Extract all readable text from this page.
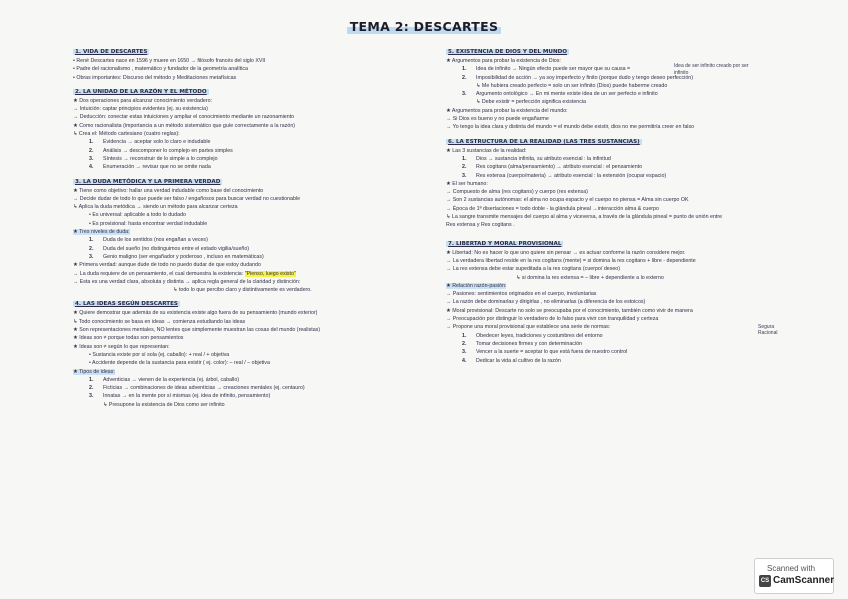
TEMA 2: DESCARTES
1. VIDA DE DESCARTES
• René Descartes nace en 1596 y muere en 1650 → filósofo francés del siglo XVII
• Padre del racionalismo , matemático y fundador de la geometría analítica
• Obras importantes: Discurso del método y Meditaciones metafísicas
2. LA UNIDAD DE LA RAZÓN Y EL MÉTODO
★ Dos operaciones para alcanzar conocimiento verdadero:
→ Intuición: captar principios evidentes (ej. su existencia)
→ Deducción: conectar estas intuiciones y ampliar el conocimiento mediante un razonamiento
★ Como racionalista (importancia a un método sistemático que guíe correctamente a la razón)
↳ Crea el: Método cartesiano (cuatro reglas):
1. Evidencia → aceptar solo lo claro e indudable
2. Análisis → descomponer lo complejo en partes simples
3. Síntesis → reconstruir de lo simple a lo complejo
4. Enumeración → revisar que no se omite nada
3. LA DUDA METÓDICA Y LA PRIMERA VERDAD
★ Tiene como objetivo: hallar una verdad indudable como base del conocimiento
→ Decide dudar de todo lo que puede ser falso / engañosos para buscar verdad no cuestionable
↳ Aplica la duda metódica → siendo un método para alcanzar certeza
• Es universal: aplicable a todo lo dudado
• Es provisional: hasta encontrar verdad indudable
★ Tres niveles de duda:
1. Duda de los sentidos (nos engañan a veces)
2. Duda del sueño (no distinguimos entre el estado vigilia/sueño)
3. Genio maligno (ser engañador y poderoso , incluso en matemáticas)
★ Primera verdad: aunque dude de todo no puedo dudar de que estoy dudando
→ La duda requiere de un pensamiento, el cual demuestra la existencia: "Pienso, luego existo"
→ Esta es una verdad clara, absoluta y distinta → aplica regla general de la claridad y distinción:
↳ todo lo que percibo claro y distintivamente es verdadero.
4. LAS IDEAS SEGÚN DESCARTES
★ Quiere demostrar que además de su existencia existe algo fuera de su pensamiento (mundo exterior)
↳ Todo conocimiento se basa en ideas → comienza estudiando las ideas
★ Son representaciones mentales, NO lentes que simplemente muestran las cosas del mundo (realistas)
★ Ideas son ≠ porque todas son pensamientos
★ Ideas son ≠ según lo que representan:
• Sustancia existe por sí sola (ej. caballo): + real / + objetiva
• Accidente depende de la sustancia para existir ( ej. color): – real / – objetiva
★ Tipos de ideas:
1. Adventicias → vienen de la experiencia (ej. árbol, caballo)
2. Ficticias → combinaciones de ideas adventicias → creaciones mentales (ej. centauro)
3. Innatas → en la mente por sí mismas (ej. idea de infinito, pensamiento)
↳ Presupone la existencia de Dios como ser infinito
5. EXISTENCIA DE DIOS Y DEL MUNDO
★ Argumentos para probar la existencia de Dios:
1. Idea de infinito → Ningún efecto puede ser mayor que su causa =
2. Imposibilidad de acción → ya soy imperfecto y finito (porque dudo y tengo deseo perfección)
↳ Me hubiera creado perfecto = solo un ser infinito (Dios) puede haberme creado
3. Argumento ontológico → En mi mente existe idea de un ser perfecto e infinito
↳ Debe existir = perfección significa existencia
★ Argumentos para probar la existencia del mundo:
→ Si Dios es bueno y no puede engañarme
→ Yo tengo la idea clara y distinta del mundo = el mundo debe existir, dios no me permitiría creer en falso
Idea de ser infinito creado por ser infinito
6. LA ESTRUCTURA DE LA REALIDAD (LAS TRES SUSTANCIAS)
★ Las 3 sustancias de la realidad:
1. Dios → sustancia infinita, su atributo esencial : la infinitud
2. Res cogitans (alma/pensamiento) → atributo esencial : el pensamiento
3. Res extensa (cuerpo/materia) → atributo esencial : la extensión (ocupar espacio)
★ El ser humano:
→ Compuesto de alma (res cogitans) y cuerpo (res extensa)
→ Son 2 sustancias autónomas: el alma no ocupa espacio y el cuerpo no piensa = Alma sin cuerpo OK
→ Época de 1ª disertaciones = todo doble - la glándula pineal →interacción alma & cuerpo
↳ La sangre transmite mensajes del cuerpo al alma y viceversa, a través de la glándula pineal = punto de unión entre
Res extensa y Res cogitans .
7. LIBERTAD Y MORAL PROVISIONAL
★ Libertad: No es hacer lo que uno quiere sin pensar → es actuar conforme la razón considere mejor.
→ La verdadera libertad reside en la res cogitans (mente) = si domina la res cogitans + libre - dependiente
→ La res extensa debe estar supeditada a la res cogitans (cuerpo/ deseo)
↳ si domina la res extensa = – libre + dependiente a lo externo
★ Relación razón-pasión:
→ Pasiones: sentimientos originados en el cuerpo, involuntarias
→ La razón debe dominarlas y dirigirlas , no eliminarlas (a diferencia de los estoicos)
★ Moral provisional: Descarte no solo se preocupaba por el conocimiento, también como vivir de manera
→ Preocupación por distinguir lo verdadero de lo falso para vivir con tranquilidad y certeza
→ Propone una moral provisional que establece una serie de normas:
1. Obedecer leyes, tradiciones y costumbres del entorno
2. Tomar decisiones firmes y con determinación
3. Vencer a la suerte = aceptar lo que está fuera de nuestro control
4. Dedicar la vida al cultivo de la razón
Segura Racional
Scanned with
CS CamScanner
